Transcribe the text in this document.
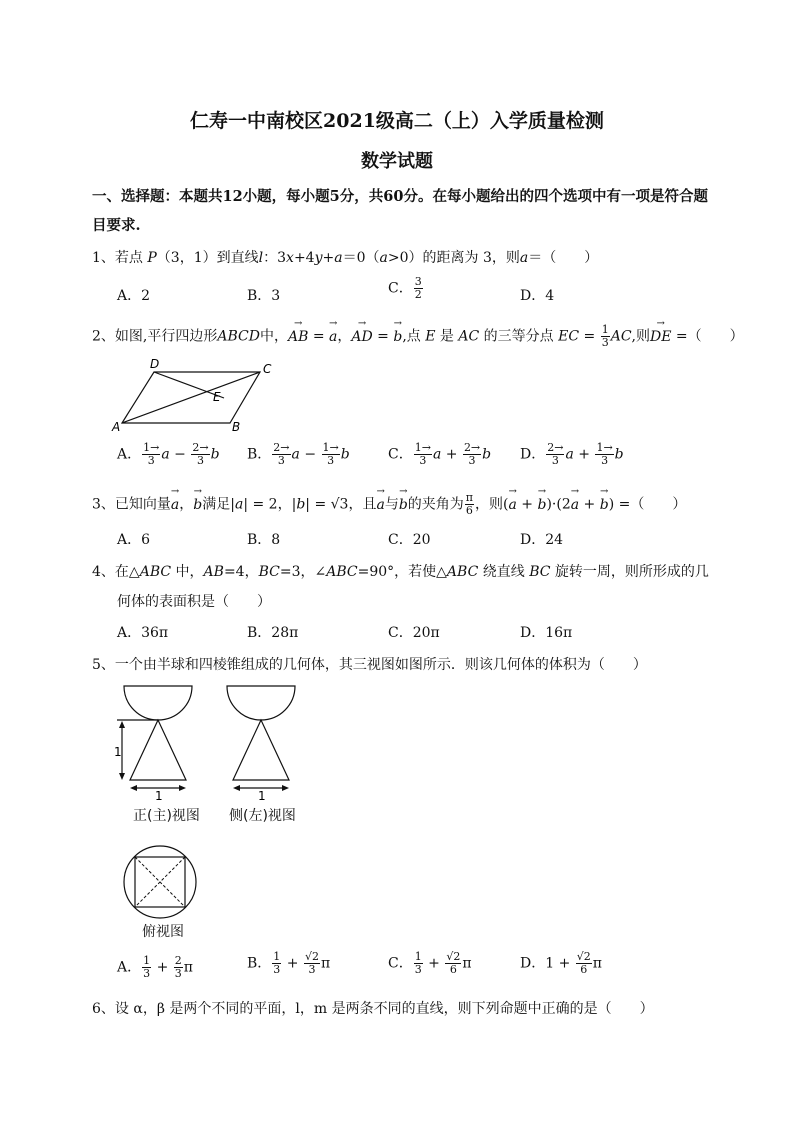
仁寿一中南校区2021级高二（上）入学质量检测
数学试题
一、选择题：本题共12小题，每小题5分，共60分。在每小题给出的四个选项中有一项是符合题
目要求.
1、若点 P（3，1）到直线l：3x+4y+a＝0（a>0）的距离为 3，则a＝（　　）
A．2	B．3	C． $\frac{3}{2}$	D．4
2、如图,平行四边形ABCD中，→ AB = → a，→ AD = → b,点 E 是 AC 的三等分点 EC = $\frac{1}{3}$ AC,则→ DE =（　　）
D	C
E
A	B
A． $\frac{1\to}{3}$ $a - \frac{2\to}{3}$ b B． $\frac{2\to}{3}$ $a - \frac{1\to}{3}$ b	C． $\frac{1\to}{3}$ $a + \frac{2\to}{3}$ b D． $\frac{2\to}{3}$ $a + \frac{1\to}{3}$ b
3、已知向量→ a，→ b满足|a| = 2，|b| = √3，且→ a与→ b的夹角为 $\frac{\pi}{6}$ ，则(→ a + → b)·(2→ a + → b) =（　　）
A．6	B．8	C．20	D．24
4、在△ABC 中，AB=4，BC=3，∠ABC=90°，若使△ABC 绕直线 BC 旋转一周，则所形成的几
何体的表面积是（　　）
A．36π	B．28π	C．20π	D．16π
5、一个由半球和四棱锥组成的几何体，其三视图如图所示．则该几何体的体积为（　　）
1
1
正(主)视图
1
侧(左)视图
俯视图
A． $\frac{1}{3} + \frac{2}{3}$ π	B． $\frac{1}{3} + \frac{√2}{3}$ π	C． $\frac{1}{3} + \frac{√2}{6}$ π	D．$1 + \frac{√2}{6}$ π
6、设 α，β 是两个不同的平面，l，m 是两条不同的直线，则下列命题中正确的是（　　）
